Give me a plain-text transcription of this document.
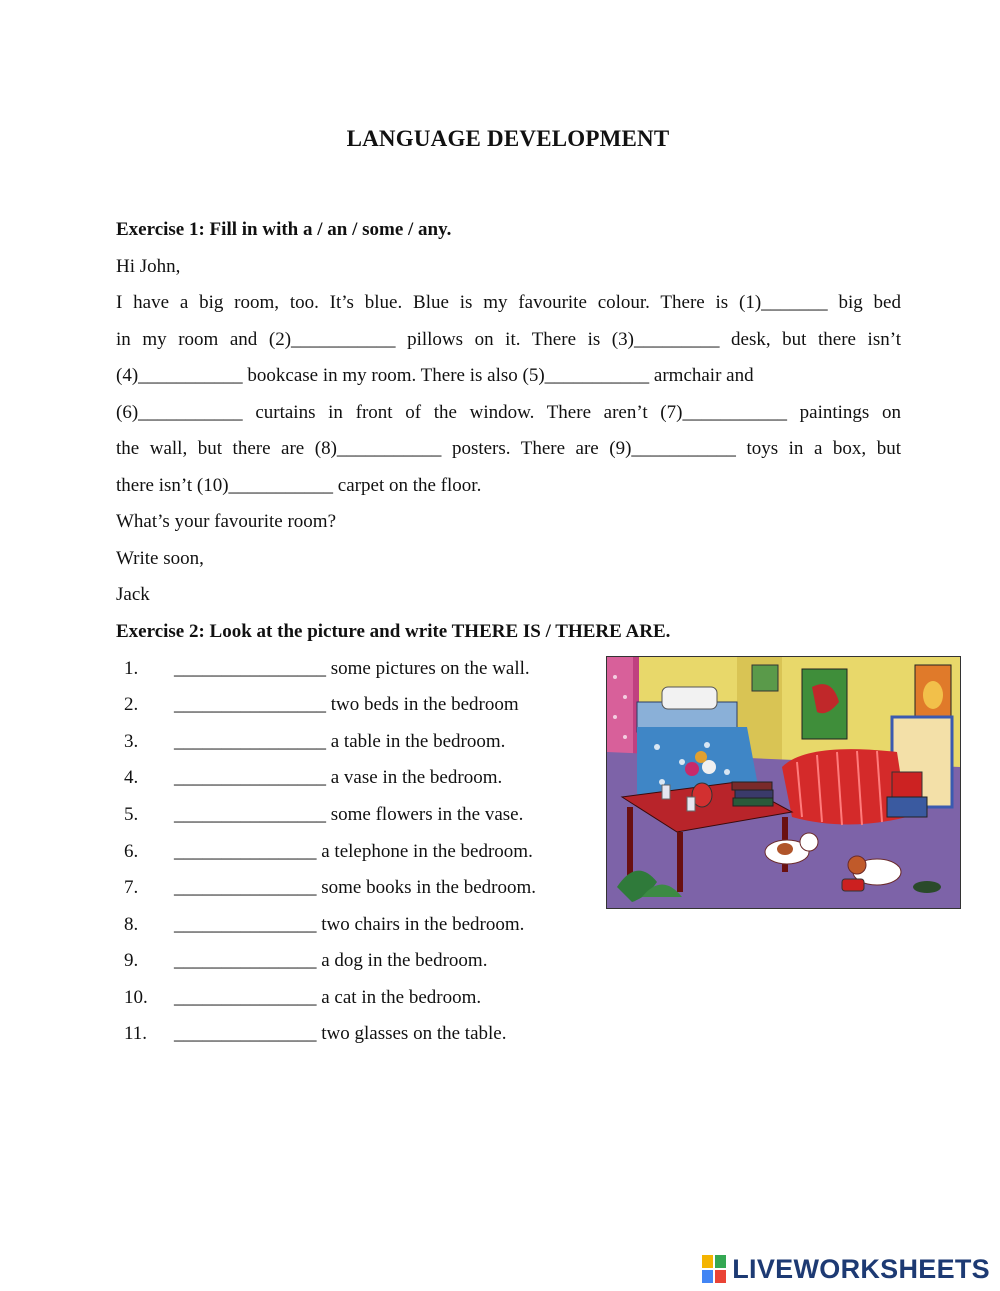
LANGUAGE DEVELOPMENT
Exercise 1: Fill in with a / an / some / any.
Hi John,
I have a big room, too. It’s blue. Blue is my favourite colour. There is (1)_______ big bed
in my room and (2)___________ pillows on it. There is (3)_________ desk, but there isn’t
(4)___________ bookcase in my room. There is also (5)___________ armchair and
(6)___________ curtains in front of the window. There aren’t (7)___________ paintings on
the wall, but there are (8)___________ posters. There are (9)___________ toys in a box, but
there isn’t (10)___________ carpet on the floor.
What’s your favourite room?
Write soon,
Jack
Exercise 2: Look at the picture and write THERE IS / THERE ARE.
1.	________________ some pictures on the wall.
2.	________________ two beds in the bedroom
3.	________________ a table in the bedroom.
4.	________________ a vase in the bedroom.
5.	________________ some flowers in the vase.
6.	_______________ a telephone in the bedroom.
7.	_______________ some books in the bedroom.
8.	_______________ two chairs in the bedroom.
9.	_______________ a dog in the bedroom.
10.	_______________ a cat in the bedroom.
11.	_______________ two glasses on the table.
LIVEWORKSHEETS
